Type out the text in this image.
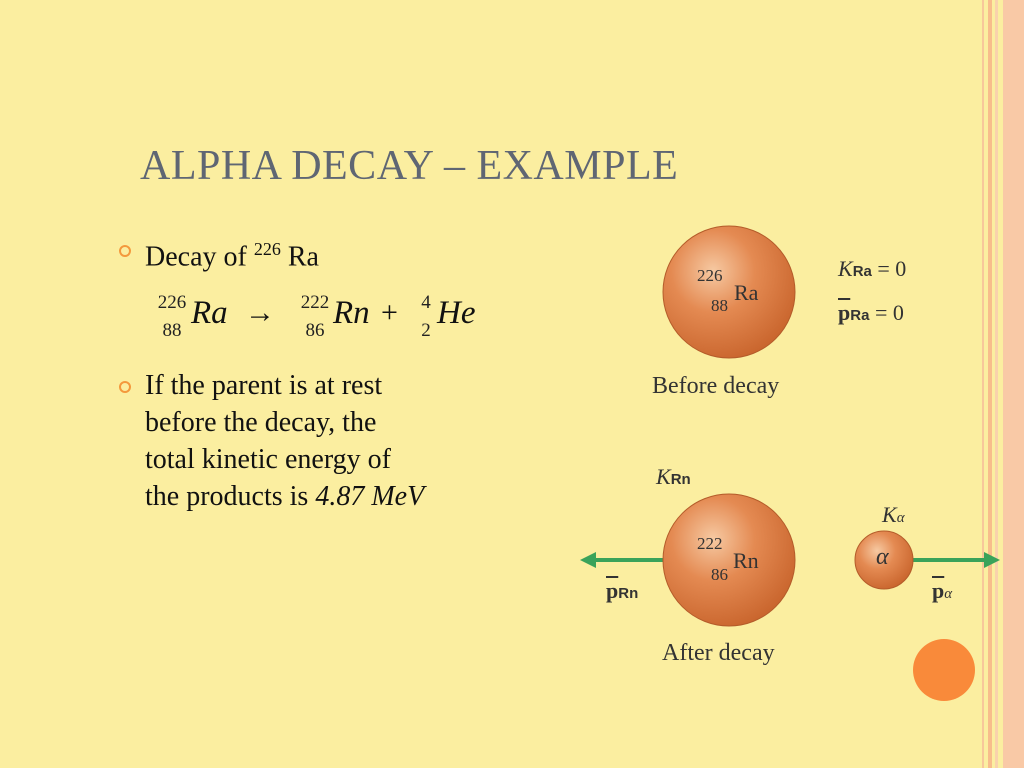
ALPHA DECAY – EXAMPLE
Decay of $^{226}$ Ra
226
88 Ra → 222
86 Rn +	4
2 He
If the parent is at rest
before the decay, the
total kinetic energy of
the products is 4.87 MeV
226
88
Ra
KRa = 0
$\overline{p}Ra = 0$
Before decay
KRn
Kα
222
86
Rn	α
$\overline{p}Rn$	$\overline{p}\alpha$
After decay
